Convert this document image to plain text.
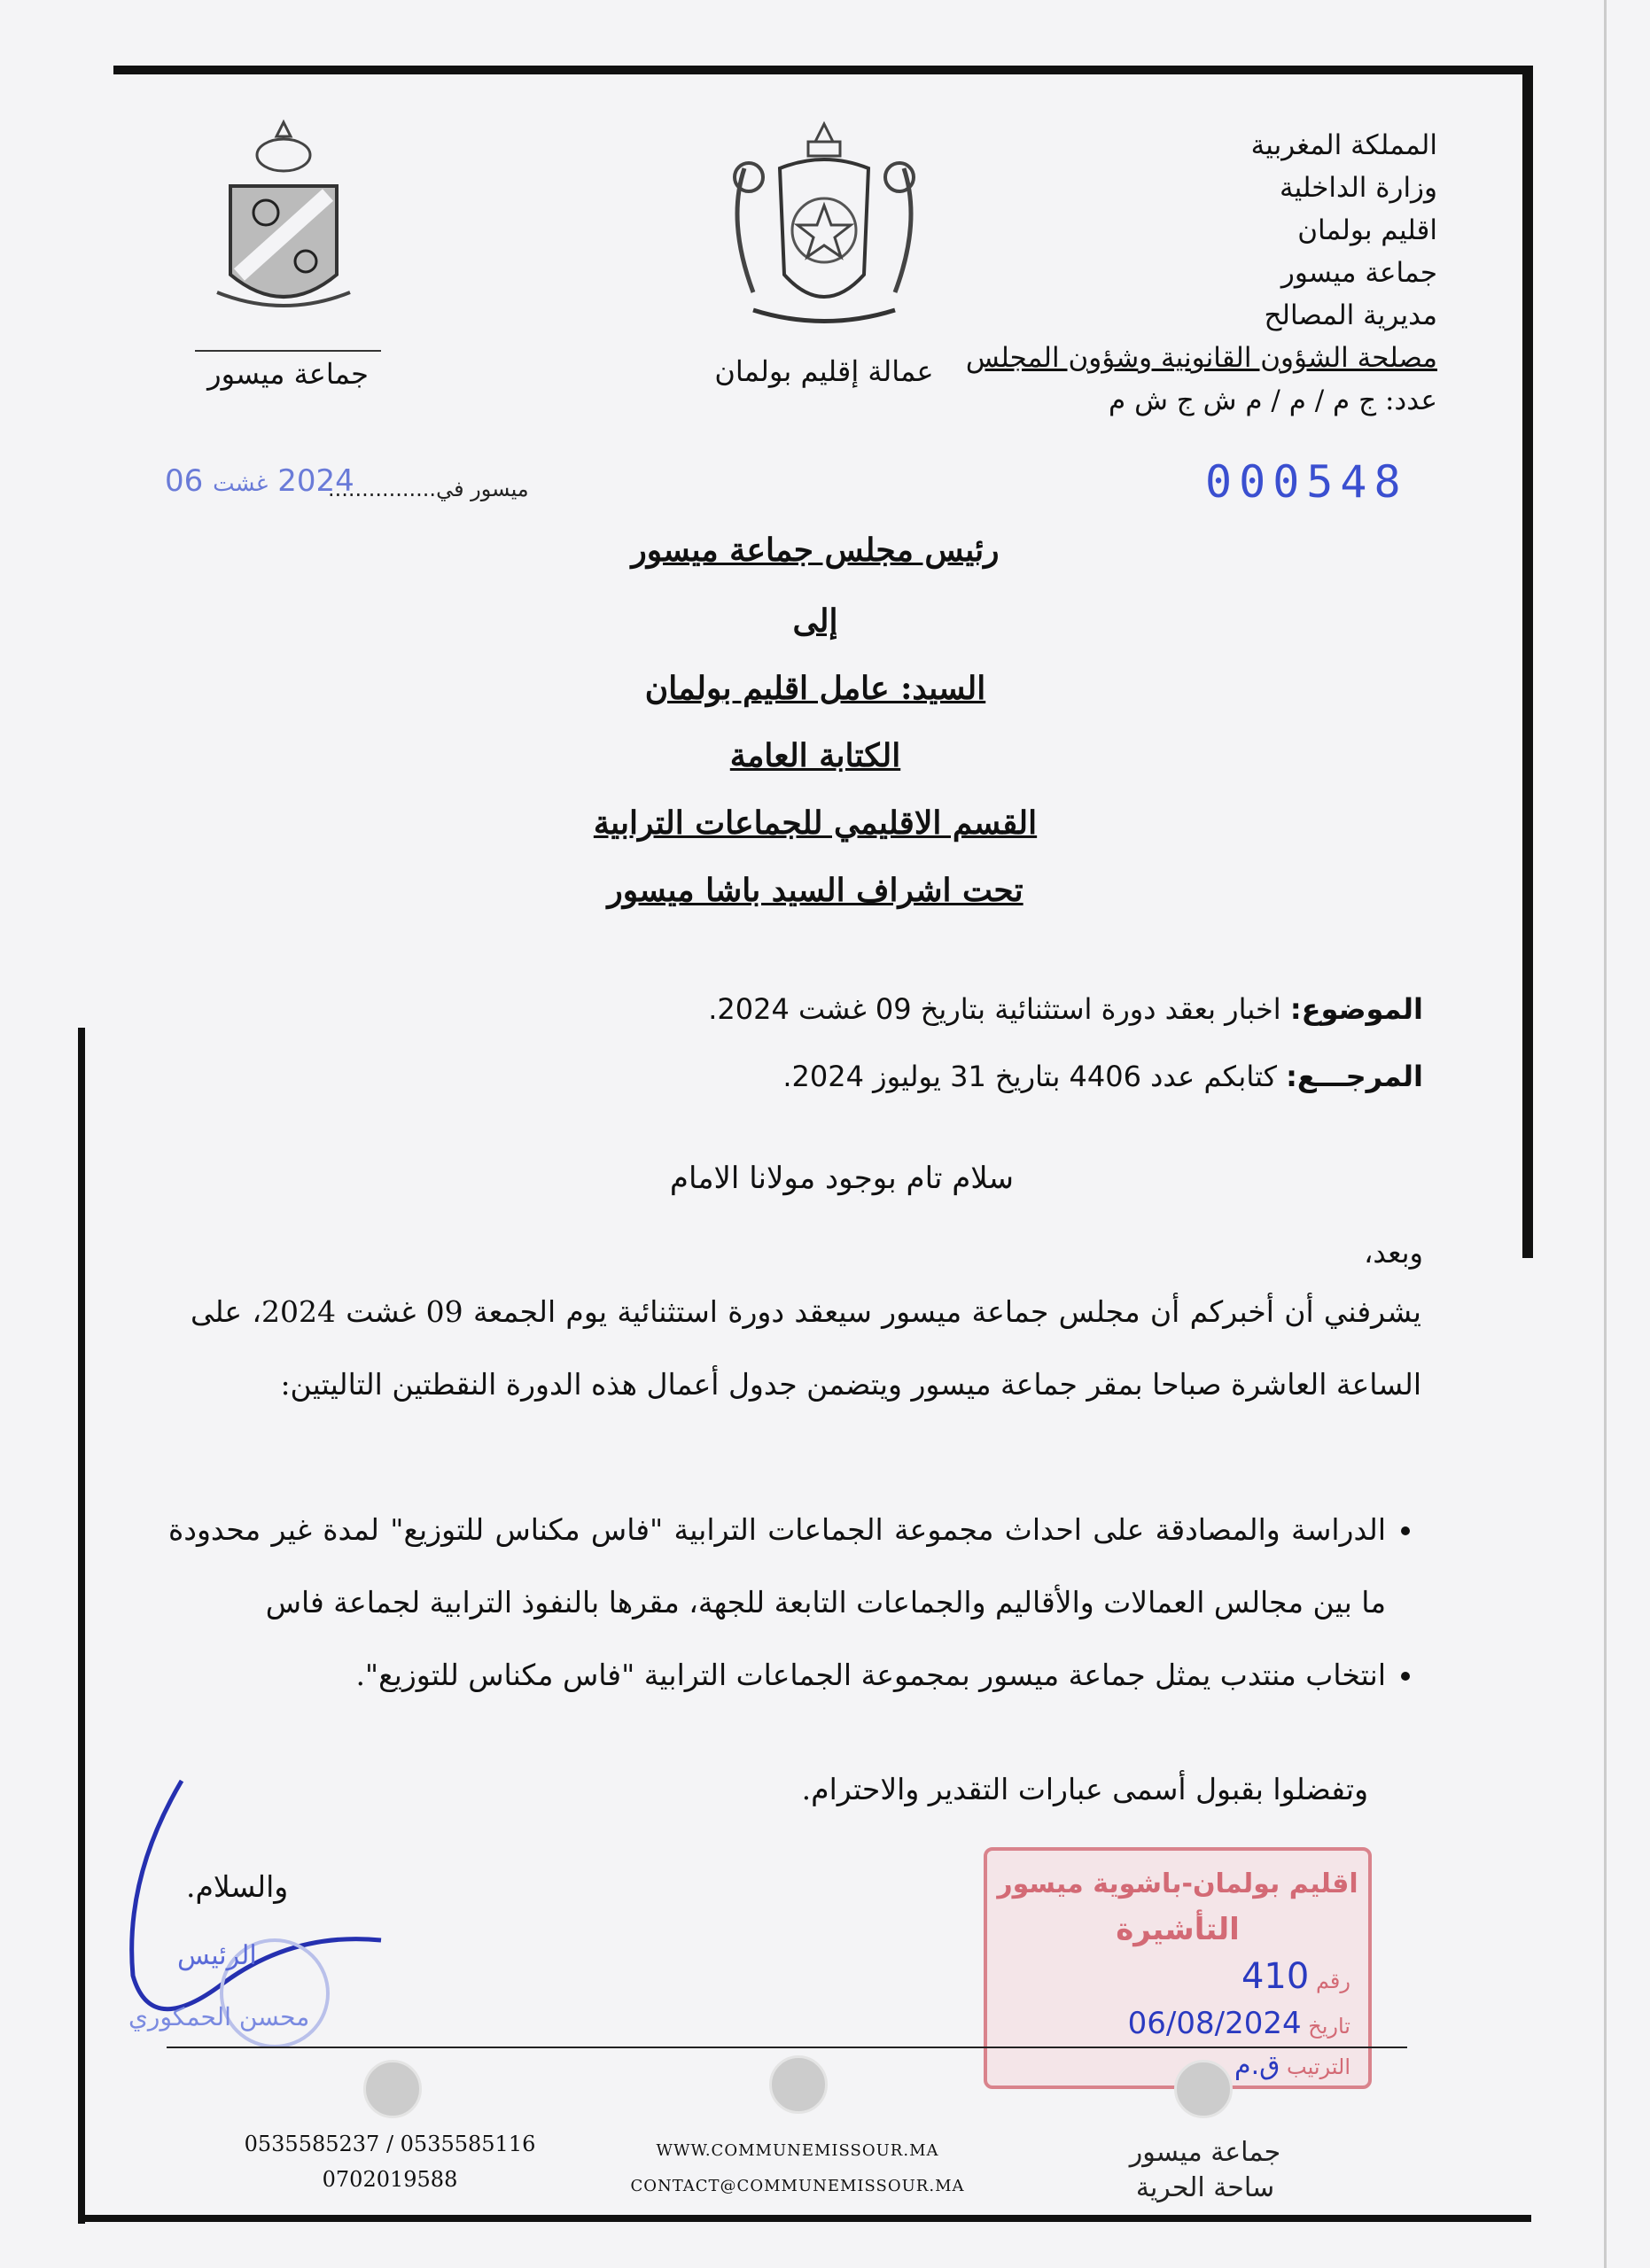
المملكة المغربية
وزارة الداخلية
اقليم بولمان
جماعة ميسور
مديرية المصالح
مصلحة الشؤون القانونية وشؤون المجلس
عدد: ج م / م / م ش ج ش م
عمالة إقليم بولمان
جماعة ميسور
000548
2024 غشت 06	ميسور في................
رئيس مجلس جماعة ميسور
إلى
السيد: عامل اقليم بولمان
الكتابة العامة
القسم الاقليمي للجماعات الترابية
تحت اشراف السيد باشا ميسور
الموضوع: اخبار بعقد دورة استثنائية بتاريخ 09 غشت 2024.
المرجـــع: كتابكم عدد 4406 بتاريخ 31 يوليوز 2024.
سلام تام بوجود مولانا الامام
وبعد،
يشرفني أن أخبركم أن مجلس جماعة ميسور سيعقد دورة استثنائية يوم الجمعة 09 غشت 2024، على الساعة العاشرة صباحا بمقر جماعة ميسور ويتضمن جدول أعمال هذه الدورة النقطتين التاليتين:
• الدراسة والمصادقة على احداث مجموعة الجماعات الترابية "فاس مكناس للتوزيع" لمدة غير محدودة ما بين مجالس العمالات والأقاليم والجماعات التابعة للجهة، مقرها بالنفوذ الترابية لجماعة فاس
• انتخاب منتدب يمثل جماعة ميسور بمجموعة الجماعات الترابية "فاس مكناس للتوزيع".
وتفضلوا بقبول أسمى عبارات التقدير والاحترام.
والسلام.
الرئيس
محسن الحمكوري
اقليم بولمان-باشوية ميسور
التأشيرة
رقم 410
تاريخ 06/08/2024
الترتيب ق.م
0535585237 / 0535585116
0702019588
WWW.COMMUNEMISSOUR.MA
CONTACT@COMMUNEMISSOUR.MA
جماعة ميسور
ساحة الحرية
